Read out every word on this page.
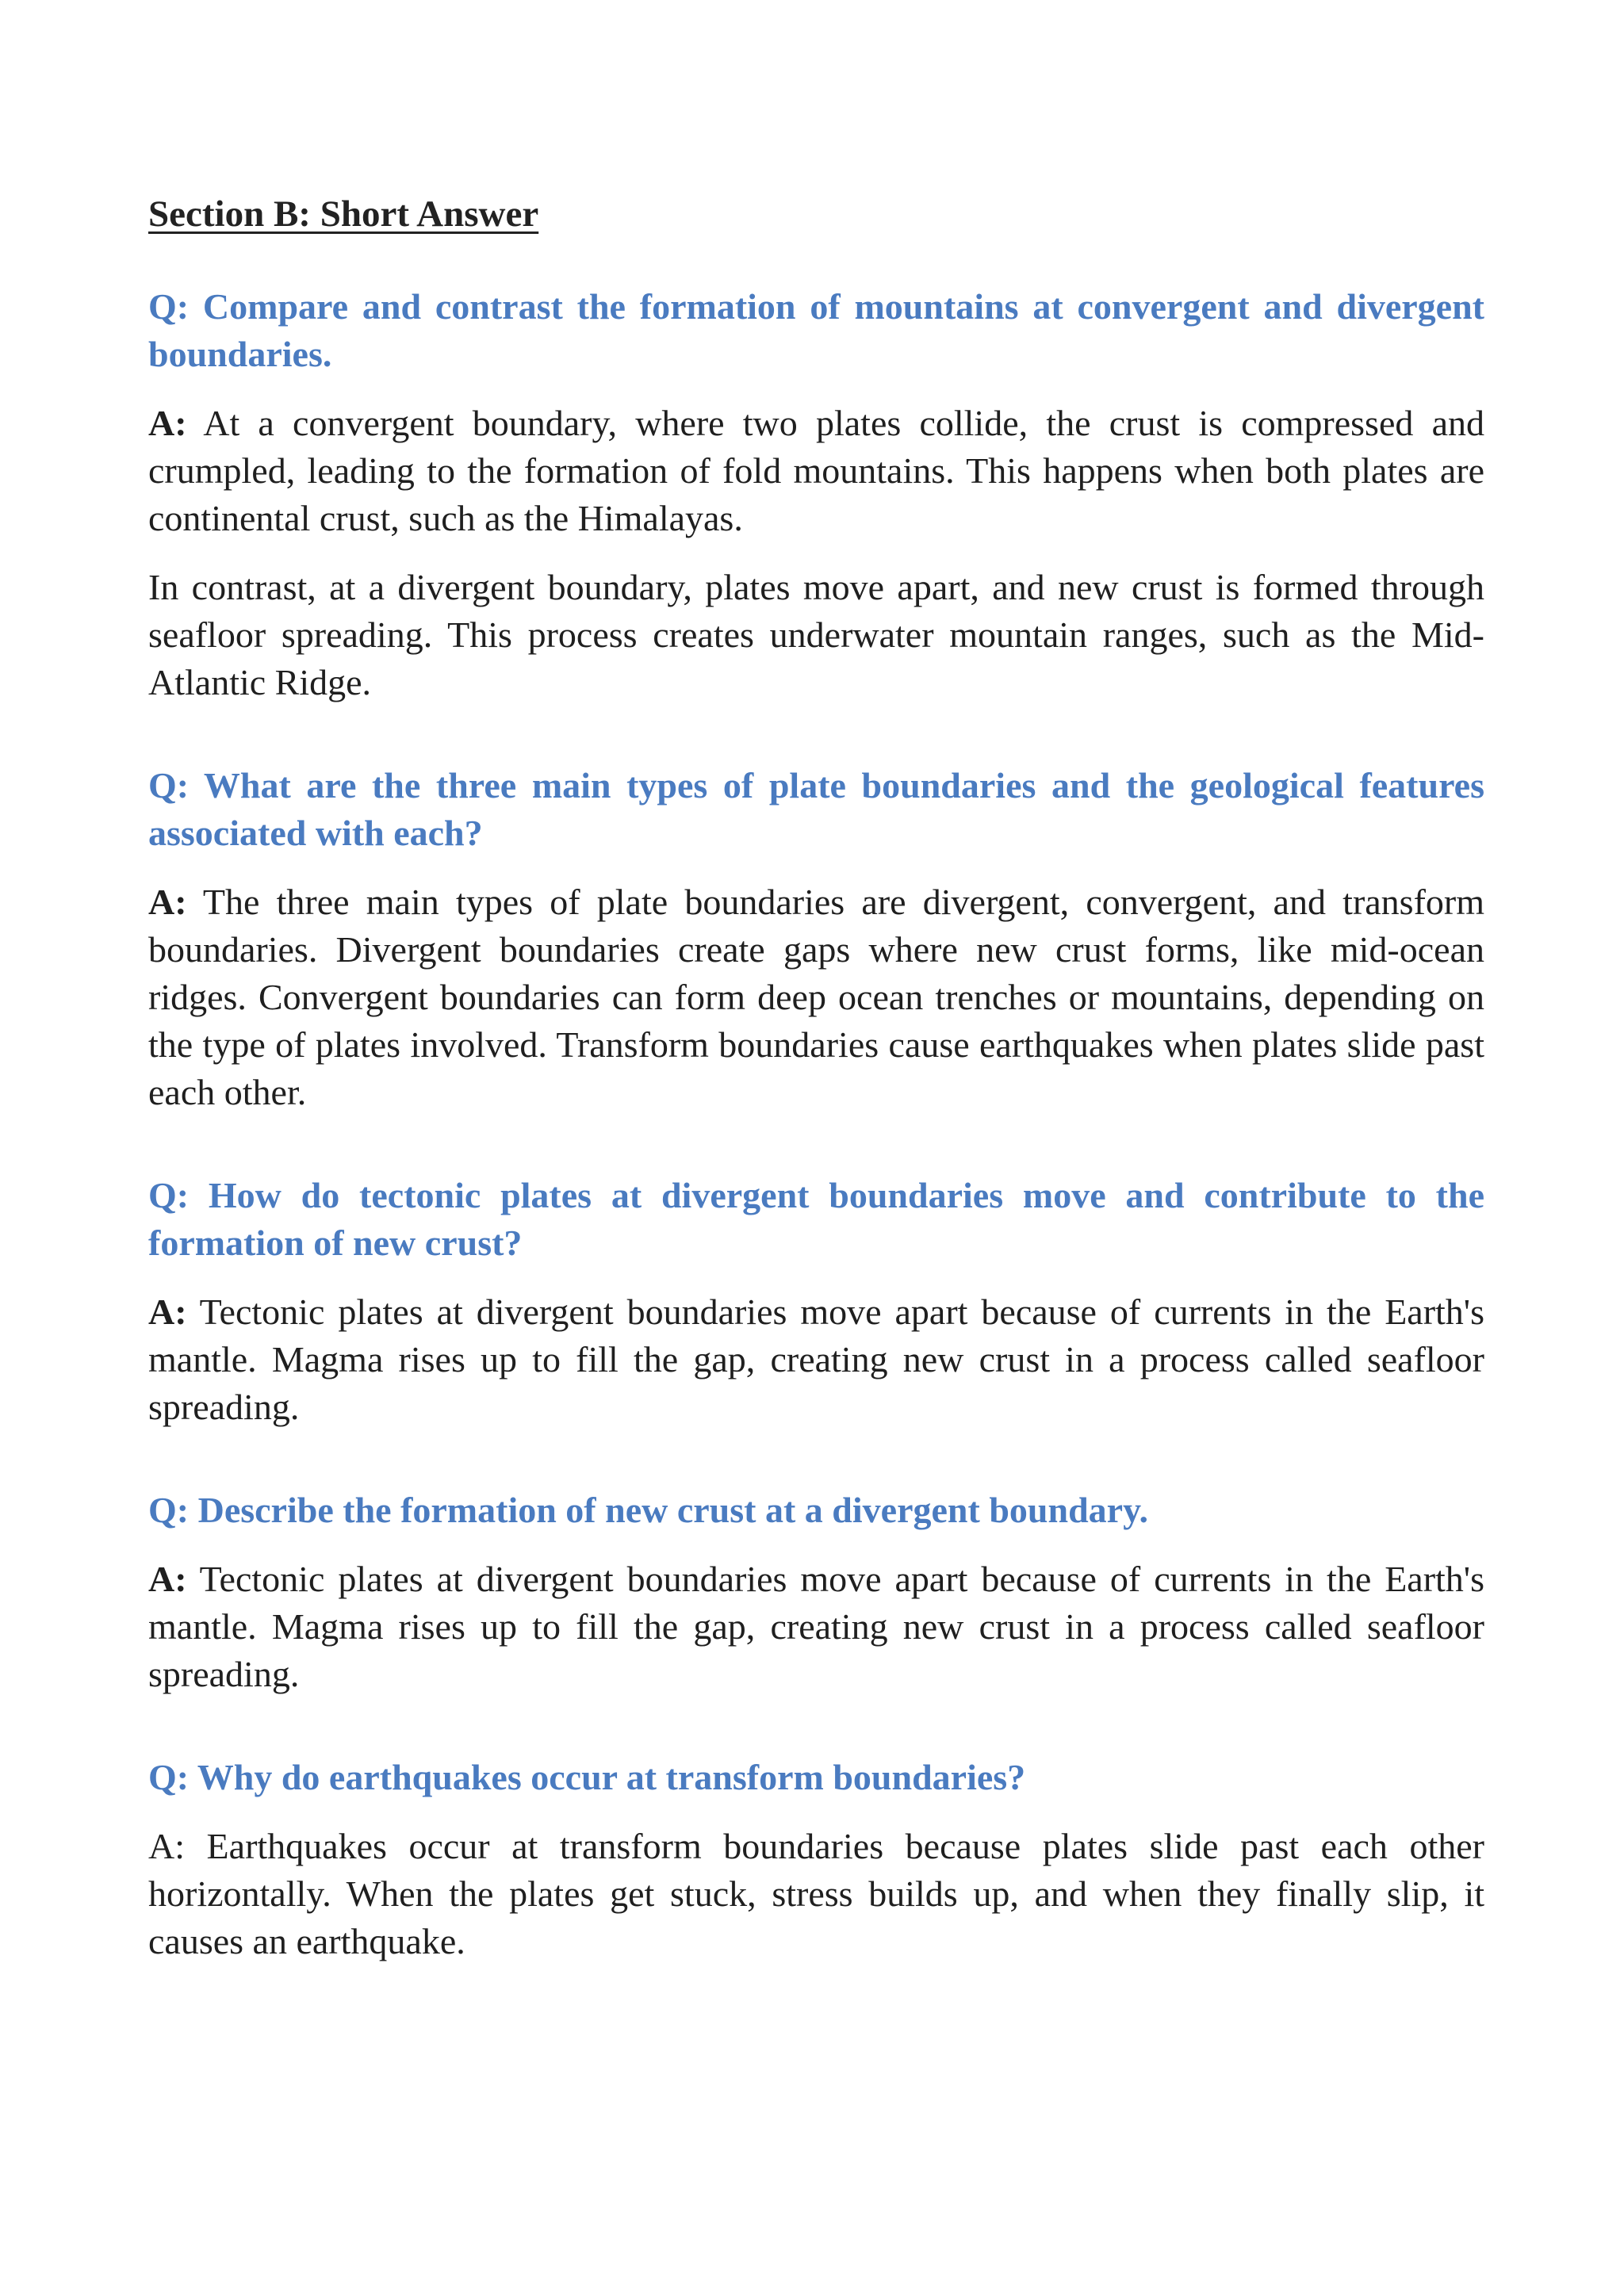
Section B: Short Answer
Q: Compare and contrast the formation of mountains at convergent and divergent boundaries.
A: At a convergent boundary, where two plates collide, the crust is compressed and crumpled, leading to the formation of fold mountains. This happens when both plates are continental crust, such as the Himalayas.
In contrast, at a divergent boundary, plates move apart, and new crust is formed through seafloor spreading. This process creates underwater mountain ranges, such as the Mid-Atlantic Ridge.
Q: What are the three main types of plate boundaries and the geological features associated with each?
A: The three main types of plate boundaries are divergent, convergent, and transform boundaries. Divergent boundaries create gaps where new crust forms, like mid-ocean ridges. Convergent boundaries can form deep ocean trenches or mountains, depending on the type of plates involved. Transform boundaries cause earthquakes when plates slide past each other.
Q: How do tectonic plates at divergent boundaries move and contribute to the formation of new crust?
A: Tectonic plates at divergent boundaries move apart because of currents in the Earth's mantle. Magma rises up to fill the gap, creating new crust in a process called seafloor spreading.
Q: Describe the formation of new crust at a divergent boundary.
A: Tectonic plates at divergent boundaries move apart because of currents in the Earth's mantle. Magma rises up to fill the gap, creating new crust in a process called seafloor spreading.
Q: Why do earthquakes occur at transform boundaries?
A: Earthquakes occur at transform boundaries because plates slide past each other horizontally. When the plates get stuck, stress builds up, and when they finally slip, it causes an earthquake.
